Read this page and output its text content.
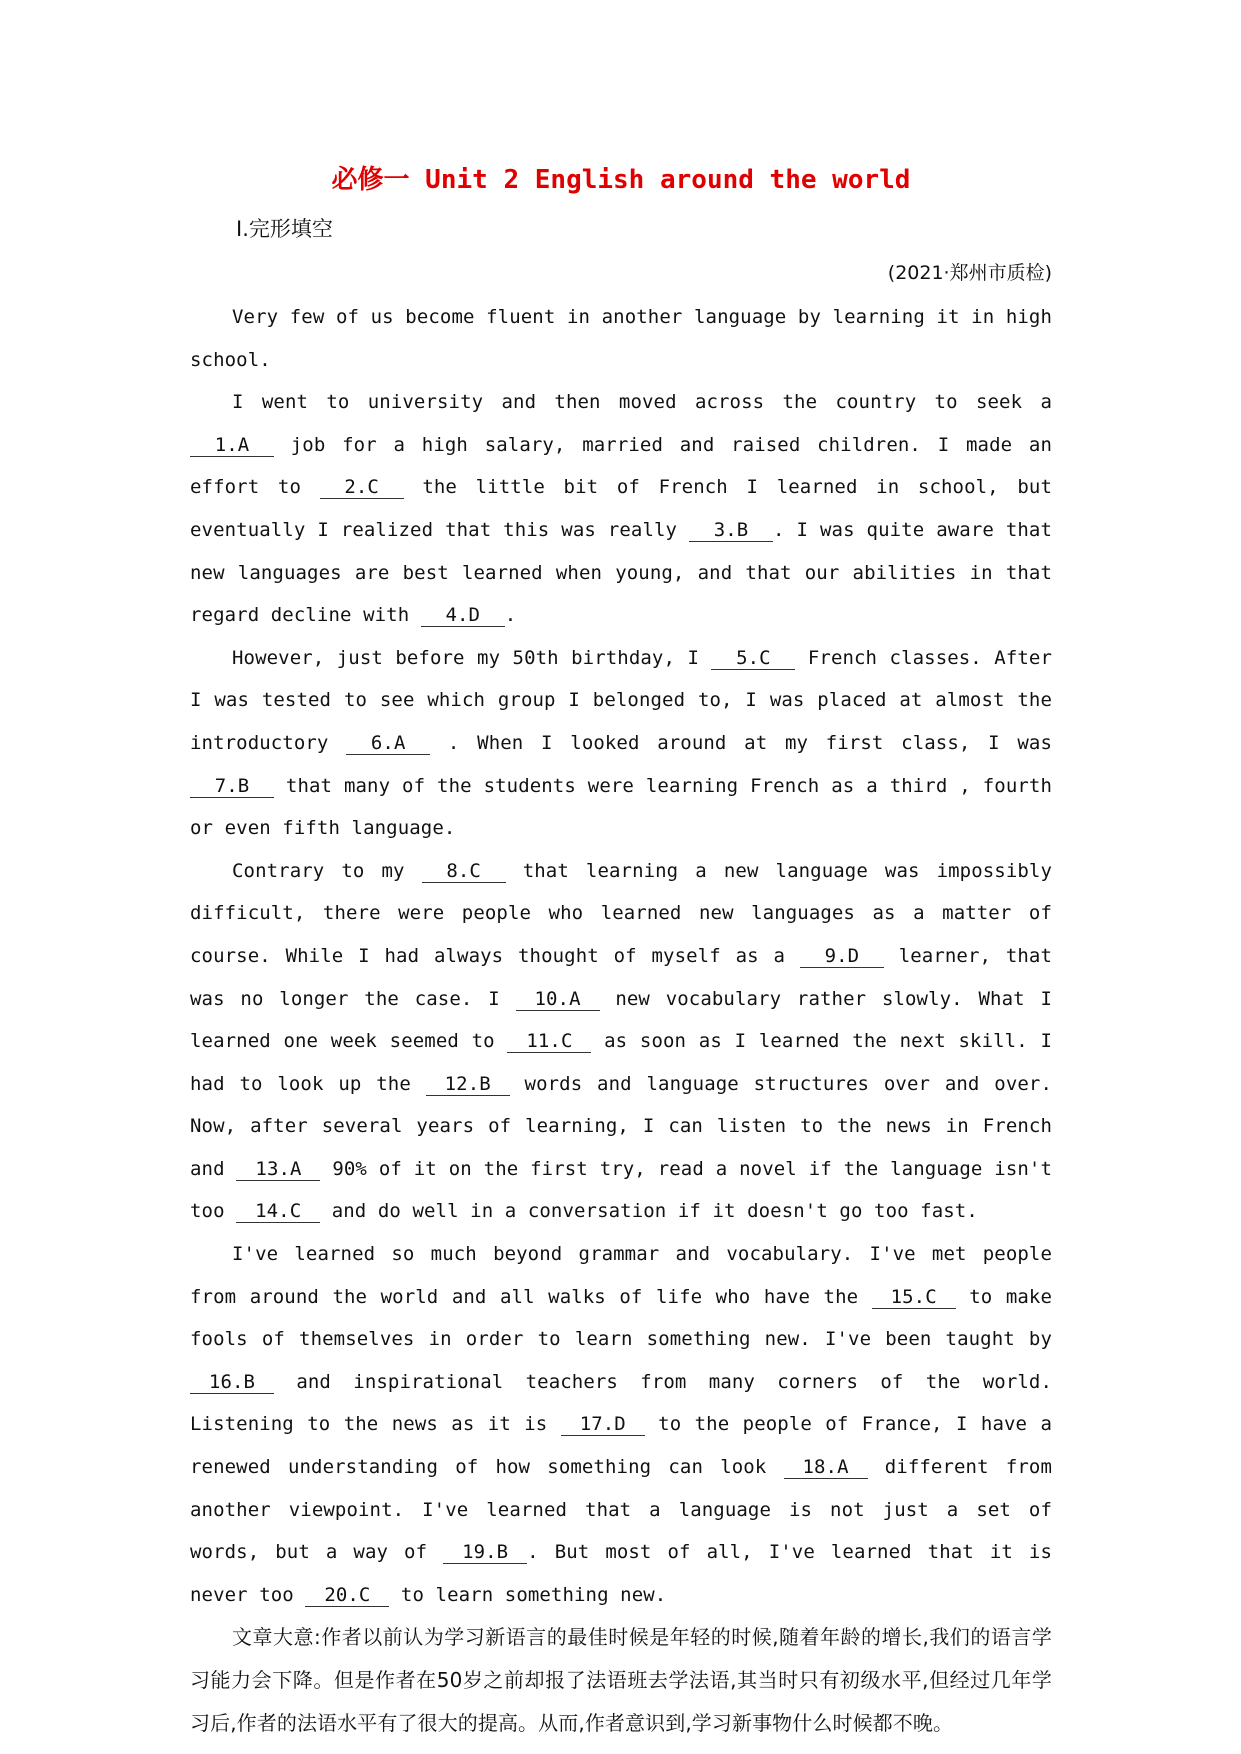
必修一 Unit 2 English around the world
Ⅰ.完形填空
(2021·郑州市质检)

Very few of us become fluent in another language by learning it in high school.

I went to university and then moved across the country to seek a 1.A job for a high salary, married and raised children. I made an effort to 2.C the little bit of French I learned in school, but eventually I realized that this was really 3.B . I was quite aware that new languages are best learned when young, and that our abilities in that regard decline with 4.D .

However, just before my 50th birthday, I 5.C French classes. After I was tested to see which group I belonged to, I was placed at almost the introductory 6.A . When I looked around at my first class, I was 7.B that many of the students were learning French as a third , fourth or even fifth language.

Contrary to my 8.C that learning a new language was impossibly difficult, there were people who learned new languages as a matter of course. While I had always thought of myself as a 9.D learner, that was no longer the case. I 10.A new vocabulary rather slowly. What I learned one week seemed to 11.C as soon as I learned the next skill. I had to look up the 12.B words and language structures over and over. Now, after several years of learning, I can listen to the news in French and 13.A 90% of it on the first try, read a novel if the language isn't too 14.C and do well in a conversation if it doesn't go too fast.

I've learned so much beyond grammar and vocabulary. I've met people from around the world and all walks of life who have the 15.C to make fools of themselves in order to learn something new. I've been taught by 16.B and inspirational teachers from many corners of the world. Listening to the news as it is 17.D to the people of France, I have a renewed understanding of how something can look 18.A different from another viewpoint. I've learned that a language is not just a set of words, but a way of 19.B . But most of all, I've learned that it is never too 20.C to learn something new.

文章大意:作者以前认为学习新语言的最佳时候是年轻的时候,随着年龄的增长,我们的语言学习能力会下降。但是作者在50岁之前却报了法语班去学法语,其当时只有初级水平,但经过几年学习后,作者的法语水平有了很大的提高。从而,作者意识到,学习新事物什么时候都不晚。
